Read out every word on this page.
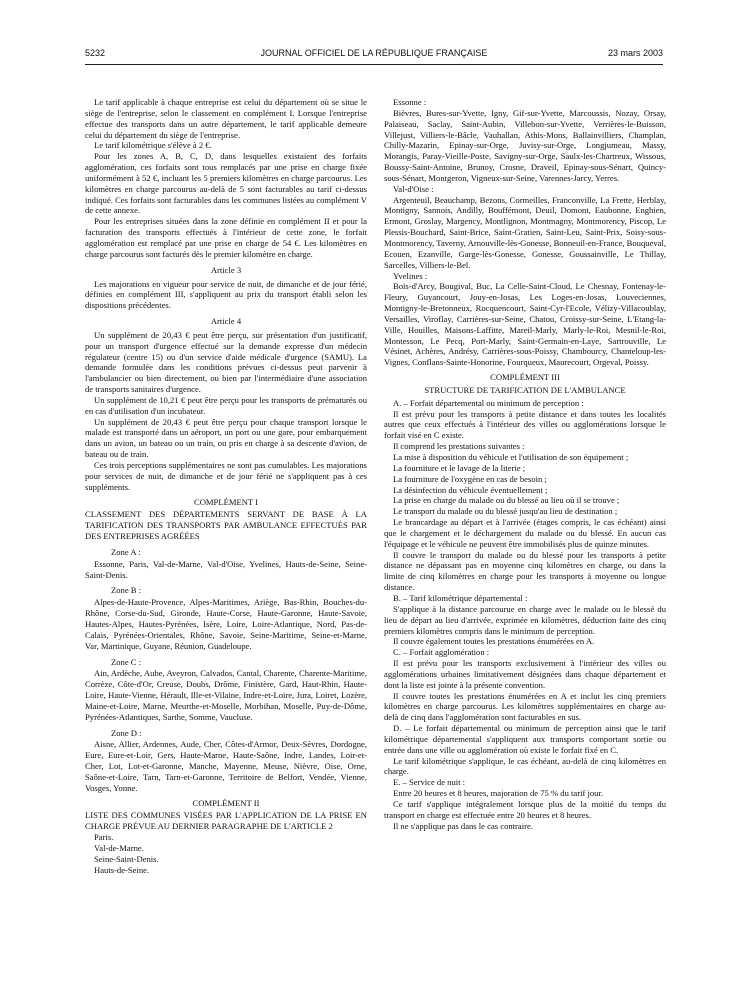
5232	JOURNAL OFFICIEL DE LA RÉPUBLIQUE FRANÇAISE	23 mars 2003

Le tarif applicable à chaque entreprise est celui du département où se situe le siège de l'entreprise, selon le classement en complément I. Lorsque l'entreprise effectue des transports dans un autre département, le tarif applicable demeure celui du département du siège de l'entreprise.

Le tarif kilométrique s'élève à 2 €.

Pour les zones A, B, C, D, dans lesquelles existaient des forfaits agglomération, ces forfaits sont tous remplacés par une prise en charge fixée uniformément à 52 €, incluant les 5 premiers kilomètres en charge parcourus. Les kilomètres en charge parcourus au-delà de 5 sont facturables au tarif ci-dessus indiqué. Ces forfaits sont facturables dans les communes listées au complément V de cette annexe.

Pour les entreprises situées dans la zone définie en complément II et pour la facturation des transports effectués à l'intérieur de cette zone, le forfait agglomération est remplacé par une prise en charge de 54 €. Les kilomètres en charge parcourus sont facturés dès le premier kilomètre en charge.

Article 3

Les majorations en vigueur pour service de nuit, de dimanche et de jour férié, définies en complément III, s'appliquent au prix du transport établi selon les dispositions précédentes.

Article 4

Un supplément de 20,43 € peut être perçu, sur présentation d'un justificatif, pour un transport d'urgence effectué sur la demande expresse d'un médecin régulateur (centre 15) ou d'un service d'aide médicale d'urgence (SAMU). La demande formulée dans les conditions prévues ci-dessus peut parvenir à l'ambulancier ou bien directement, ou bien par l'intermédiaire d'une association de transports sanitaires d'urgence.

Un supplément de 10,21 € peut être perçu pour les transports de prématurés ou en cas d'utilisation d'un incubateur.

Un supplément de 20,43 € peut être perçu pour chaque transport lorsque le malade est transporté dans un aéroport, un port ou une gare, pour embarquement dans un avion, un bateau ou un train, ou pris en charge à sa descente d'avion, de bateau ou de train.

Ces trois perceptions supplémentaires ne sont pas cumulables. Les majorations pour services de nuit, de dimanche et de jour férié ne s'appliquent pas à ces suppléments.

COMPLÉMENT I

CLASSEMENT DES DÉPARTEMENTS SERVANT DE BASE À LA TARIFICATION DES TRANSPORTS PAR AMBULANCE EFFECTUÉS PAR DES ENTREPRISES AGRÉÉES

Zone A :

Essonne, Paris, Val-de-Marne, Val-d'Oise, Yvelines, Hauts-de-Seine, Seine-Saint-Denis.

Zone B :

Alpes-de-Haute-Provence, Alpes-Maritimes, Ariège, Bas-Rhin, Bouches-du-Rhône, Corse-du-Sud, Gironde, Haute-Corse, Haute-Garonne, Haute-Savoie, Hautes-Alpes, Hautes-Pyrénées, Isère, Loire, Loire-Atlantique, Nord, Pas-de-Calais, Pyrénées-Orientales, Rhône, Savoie, Seine-Maritime, Seine-et-Marne, Var, Martinique, Guyane, Réunion, Guadeloupe.

Zone C :

Ain, Ardèche, Aube, Aveyron, Calvados, Cantal, Charente, Charente-Maritime, Corrèze, Côte-d'Or, Creuse, Doubs, Drôme, Finistère, Gard, Haut-Rhin, Haute-Loire, Haute-Vienne, Hérault, Ille-et-Vilaine, Indre-et-Loire, Jura, Loiret, Lozère, Maine-et-Loire, Marne, Meurthe-et-Moselle, Morbihan, Moselle, Puy-de-Dôme, Pyrénées-Atlantiques, Sarthe, Somme, Vaucluse.

Zone D :

Aisne, Allier, Ardennes, Aude, Cher, Côtes-d'Armor, Deux-Sèvres, Dordogne, Eure, Eure-et-Loir, Gers, Haute-Marne, Haute-Saône, Indre, Landes, Loir-et-Cher, Lot, Lot-et-Garonne, Manche, Mayenne, Meuse, Nièvre, Oise, Orne, Saône-et-Loire, Tarn, Tarn-et-Garonne, Territoire de Belfort, Vendée, Vienne, Vosges, Yonne.

COMPLÉMENT II

LISTE DES COMMUNES VISÉES PAR L'APPLICATION DE LA PRISE EN CHARGE PRÉVUE AU DERNIER PARAGRAPHE DE L'ARTICLE 2

Paris.

Val-de-Marne.

Seine-Saint-Denis.

Hauts-de-Seine.

Essonne :

Bièvres, Bures-sur-Yvette, Igny, Gif-sur-Yvette, Marcoussis, Nozay, Orsay, Palaiseau, Saclay, Saint-Aubin, Villebon-sur-Yvette, Verrières-le-Buisson, Villejust, Villiers-le-Bâcle, Vauhallan, Athis-Mons, Ballainvilliers, Champlan, Chilly-Mazarin, Epinay-sur-Orge, Juvisy-sur-Orge, Longjumeau, Massy, Morangis, Paray-Vieille-Poste, Savigny-sur-Orge, Saulx-les-Chartreux, Wissous, Boussy-Saint-Antoine, Brunoy, Crosne, Draveil, Epinay-sous-Sénart, Quincy-sous-Sénart, Montgeron, Vigneux-sur-Seine, Varennes-Jarcy, Yerres.

Val-d'Oise :

Argenteuil, Beauchamp, Bezons, Cormeilles, Franconville, La Frette, Herblay, Montigny, Sannois, Andilly, Bouffémont, Deuil, Domont, Eaubonne, Enghien, Ermont, Groslay, Margency, Montlignon, Montmagny, Montmorency, Piscop, Le Plessis-Bouchard, Saint-Brice, Saint-Gratien, Saint-Leu, Saint-Prix, Soisy-sous-Montmorency, Taverny, Arnouville-lès-Gonesse, Bonneuil-en-France, Bouqueval, Ecouen, Ezanville, Garge-lès-Gonesse, Gonesse, Goussainville, Le Thillay, Sarcelles, Villiers-le-Bel.

Yvelines :

Bois-d'Arcy, Bougival, Buc, La Celle-Saint-Cloud, Le Chesnay, Fontenay-le-Fleury, Guyancourt, Jouy-en-Josas, Les Loges-en-Josas, Louveciennes, Montigny-le-Bretonneux, Rocquencourt, Saint-Cyr-l'Ecole, Vélizy-Villacoublay, Versailles, Viroflay, Carrières-sur-Seine, Chatou, Croissy-sur-Seine, L'Etang-la-Ville, Houilles, Maisons-Laffitte, Mareil-Marly, Marly-le-Roi, Mesnil-le-Roi, Montesson, Le Pecq, Port-Marly, Saint-Germain-en-Laye, Sartrouville, Le Vésinet, Achères, Andrésy, Carrières-sous-Poissy, Chambourcy, Chanteloup-les-Vignes, Conflans-Sainte-Honorine, Fourqueux, Maurecourt, Orgeval, Poissy.

COMPLÉMENT III
STRUCTURE DE TARIFICATION DE L'AMBULANCE

A. – Forfait départemental ou minimum de perception :

Il est prévu pour les transports à petite distance et dans toutes les localités autres que ceux effectués à l'intérieur des villes ou agglomérations lorsque le forfait visé en C existe.

Il comprend les prestations suivantes :

La mise à disposition du véhicule et l'utilisation de son équipement ;

La fourniture et le lavage de la literie ;

La fourniture de l'oxygène en cas de besoin ;

La désinfection du véhicule éventuellement ;

La prise en charge du malade ou du blessé au lieu où il se trouve ;

Le transport du malade ou du blessé jusqu'au lieu de destination ;

Le brancardage au départ et à l'arrivée (étages compris, le cas échéant) ainsi que le chargement et le déchargement du malade ou du blessé. En aucun cas l'équipage et le véhicule ne peuvent être immobilisés plus de quinze minutes.

Il couvre le transport du malade ou du blessé pour les transports à petite distance ne dépassant pas en moyenne cinq kilomètres en charge, ou dans la limite de cinq kilomètres en charge pour les transports à moyenne ou longue distance.

B. – Tarif kilométrique départemental :

S'applique à la distance parcourue en charge avec le malade ou le blessé du lieu de départ au lieu d'arrivée, exprimée en kilomètres, déduction faite des cinq premiers kilomètres compris dans le minimum de perception.

Il couvre également toutes les prestations énumérées en A.

C. – Forfait agglomération :

Il est prévu pour les transports exclusivement à l'intérieur des villes ou agglomérations urbaines limitativement désignées dans chaque département et dont la liste est jointe à la présente convention.

Il couvre toutes les prestations énumérées en A et inclut les cinq premiers kilomètres en charge parcourus. Les kilomètres supplémentaires en charge au-delà de cinq dans l'agglomération sont facturables en sus.

D. – Le forfait départemental ou minimum de perception ainsi que le tarif kilométrique départemental s'appliquent aux transports comportant sortie ou entrée dans une ville ou agglomération où existe le forfait fixé en C.

Le tarif kilométrique s'applique, le cas échéant, au-delà de cinq kilomètres en charge.

E. – Service de nuit :

Entre 20 heures et 8 heures, majoration de 75 % du tarif jour.

Ce tarif s'applique intégralement lorsque plus de la moitié du temps du transport en charge est effectuée entre 20 heures et 8 heures.

Il ne s'applique pas dans le cas contraire.
